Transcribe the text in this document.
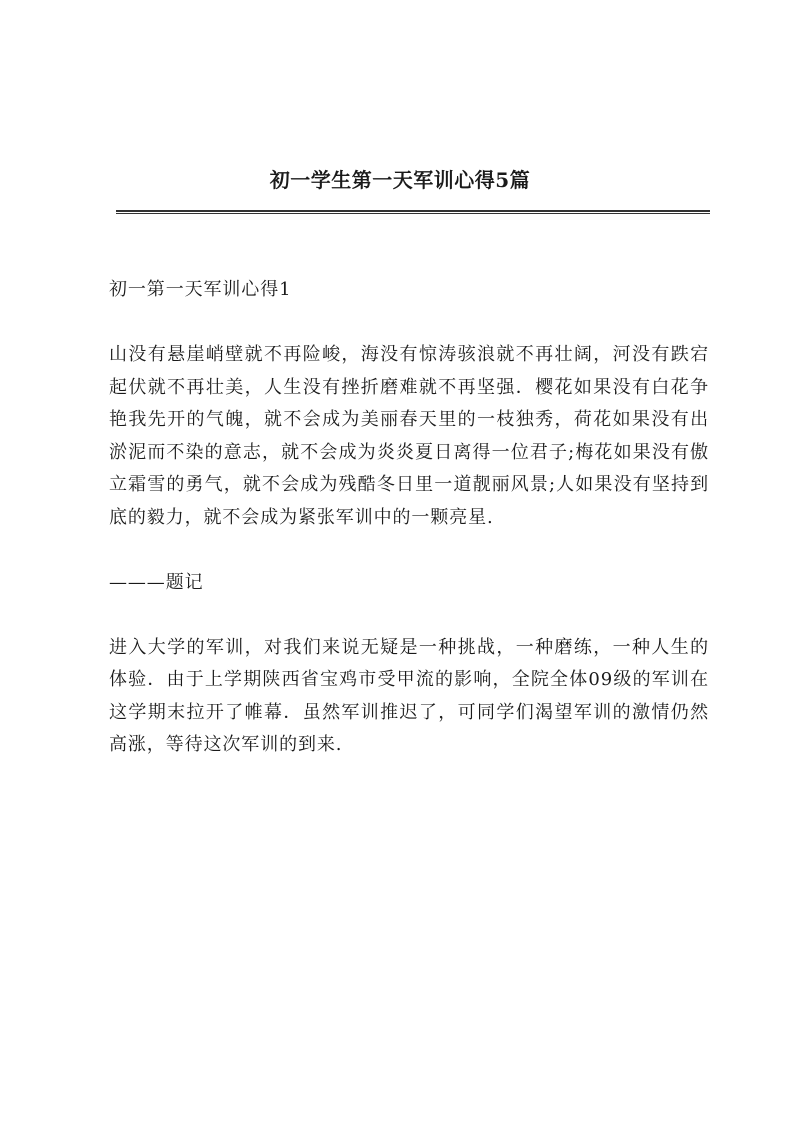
初一学生第一天军训心得5篇

初一第一天军训心得1

山没有悬崖峭壁就不再险峻，海没有惊涛骇浪就不再壮阔，河没有跌宕起伏就不再壮美，人生没有挫折磨难就不再坚强．樱花如果没有白花争艳我先开的气魄，就不会成为美丽春天里的一枝独秀，荷花如果没有出淤泥而不染的意志，就不会成为炎炎夏日离得一位君子;梅花如果没有傲立霜雪的勇气，就不会成为残酷冬日里一道靓丽风景;人如果没有坚持到底的毅力，就不会成为紧张军训中的一颗亮星.

———题记

进入大学的军训，对我们来说无疑是一种挑战，一种磨练，一种人生的体验．由于上学期陕西省宝鸡市受甲流的影响，全院全体09级的军训在这学期末拉开了帷幕．虽然军训推迟了，可同学们渴望军训的激情仍然高涨，等待这次军训的到来.
